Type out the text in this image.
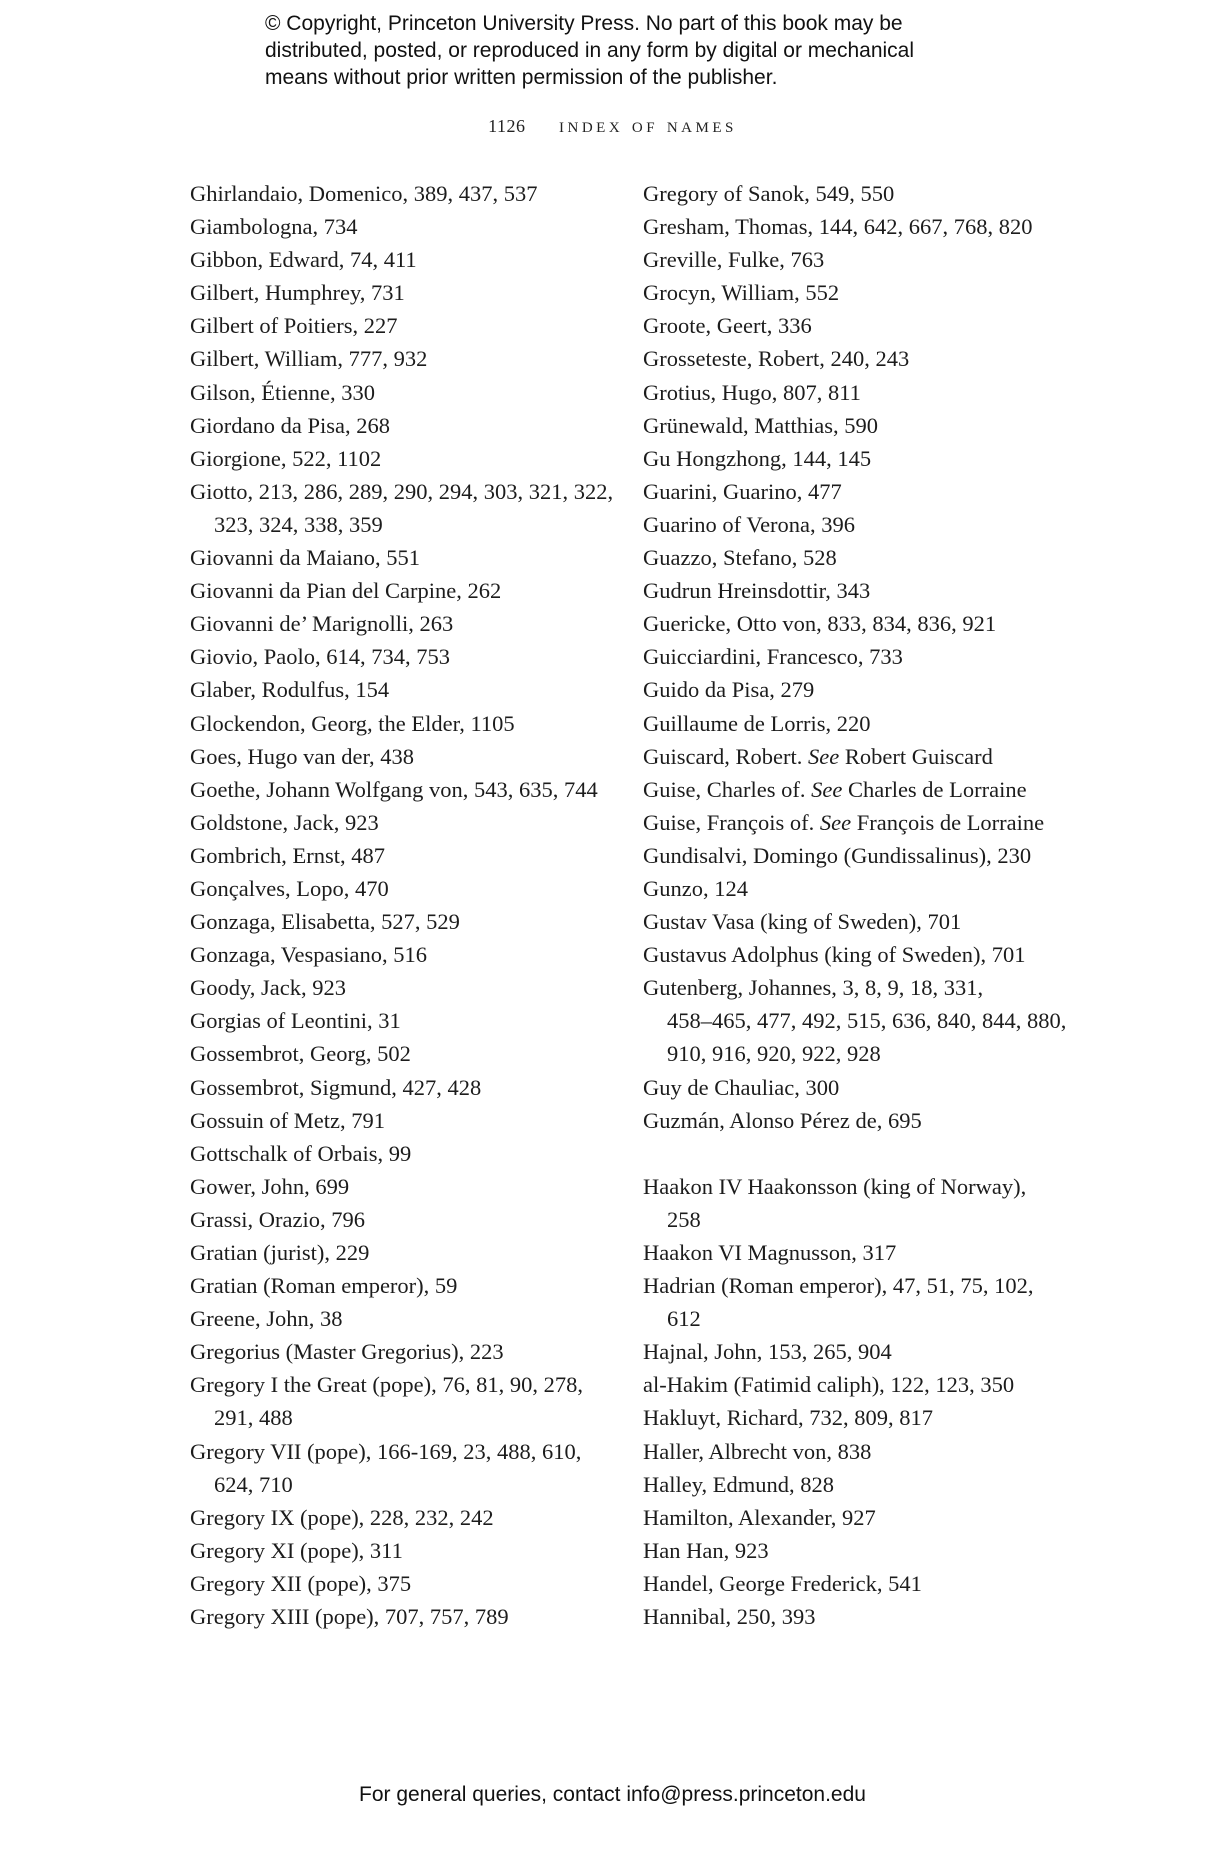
© Copyright, Princeton University Press. No part of this book may be
distributed, posted, or reproduced in any form by digital or mechanical
means without prior written permission of the publisher.
1126 index of names
Ghirlandaio, Domenico, 389, 437, 537
Giambologna, 734
Gibbon, Edward, 74, 411
Gilbert, Humphrey, 731
Gilbert of Poitiers, 227
Gilbert, William, 777, 932
Gilson, Étienne, 330
Giordano da Pisa, 268
Giorgione, 522, 1102
Giotto, 213, 286, 289, 290, 294, 303, 321, 322,
323, 324, 338, 359
Giovanni da Maiano, 551
Giovanni da Pian del Carpine, 262
Giovanni de’ Marignolli, 263
Giovio, Paolo, 614, 734, 753
Glaber, Rodulfus, 154
Glockendon, Georg, the Elder, 1105
Goes, Hugo van der, 438
Goethe, Johann Wolfgang von, 543, 635, 744
Goldstone, Jack, 923
Gombrich, Ernst, 487
Gonçalves, Lopo, 470
Gonzaga, Elisabetta, 527, 529
Gonzaga, Vespasiano, 516
Goody, Jack, 923
Gorgias of Leontini, 31
Gossembrot, Georg, 502
Gossembrot, Sigmund, 427, 428
Gossuin of Metz, 791
Gottschalk of Orbais, 99
Gower, John, 699
Grassi, Orazio, 796
Gratian (jurist), 229
Gratian (Roman emperor), 59
Greene, John, 38
Gregorius (Master Gregorius), 223
Gregory I the Great (pope), 76, 81, 90, 278,
291, 488
Gregory VII (pope), 166-169, 23, 488, 610,
624, 710
Gregory IX (pope), 228, 232, 242
Gregory XI (pope), 311
Gregory XII (pope), 375
Gregory XIII (pope), 707, 757, 789
Gregory of Sanok, 549, 550
Gresham, Thomas, 144, 642, 667, 768, 820
Greville, Fulke, 763
Grocyn, William, 552
Groote, Geert, 336
Grosseteste, Robert, 240, 243
Grotius, Hugo, 807, 811
Grünewald, Matthias, 590
Gu Hongzhong, 144, 145
Guarini, Guarino, 477
Guarino of Verona, 396
Guazzo, Stefano, 528
Gudrun Hreinsdottir, 343
Guericke, Otto von, 833, 834, 836, 921
Guicciardini, Francesco, 733
Guido da Pisa, 279
Guillaume de Lorris, 220
Guiscard, Robert. See Robert Guiscard
Guise, Charles of. See Charles de Lorraine
Guise, François of. See François de Lorraine
Gundisalvi, Domingo (Gundissalinus), 230
Gunzo, 124
Gustav Vasa (king of Sweden), 701
Gustavus Adolphus (king of Sweden), 701
Gutenberg, Johannes, 3, 8, 9, 18, 331,
458–465, 477, 492, 515, 636, 840, 844, 880,
910, 916, 920, 922, 928
Guy de Chauliac, 300
Guzmán, Alonso Pérez de, 695
Haakon IV Haakonsson (king of Norway),
258
Haakon VI Magnusson, 317
Hadrian (Roman emperor), 47, 51, 75, 102,
612
Hajnal, John, 153, 265, 904
al-Hakim (Fatimid caliph), 122, 123, 350
Hakluyt, Richard, 732, 809, 817
Haller, Albrecht von, 838
Halley, Edmund, 828
Hamilton, Alexander, 927
Han Han, 923
Handel, George Frederick, 541
Hannibal, 250, 393
For general queries, contact info@press.princeton.edu
